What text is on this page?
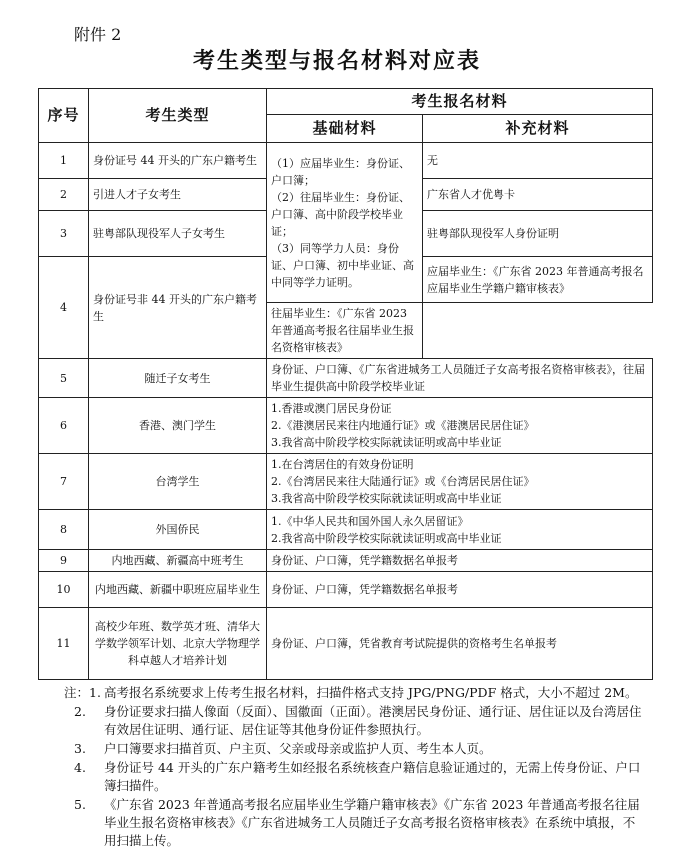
附件 2
考生类型与报名材料对应表
序号	考生类型	考生报名材料	
		基础材料	补充材料
1	身份证号 44 开头的广东户籍考生	（1）应届毕业生：身份证、户口簿；
（2）往届毕业生：身份证、户口簿、高中阶段学校毕业证；
（3）同等学力人员：身份证、户口簿、初中毕业证、高中同等学力证明。	无
2	引进人才子女考生		广东省人才优粤卡
3	驻粤部队现役军人子女考生		驻粤部队现役军人身份证明
4	身份证号非 44 开头的广东户籍考生		应届毕业生：《广东省 2023 年普通高考报名应届毕业生学籍户籍审核表》
		往届毕业生：《广东省 2023 年普通高考报名往届毕业生报名资格审核表》	
5	随迁子女考生	身份证、户口簿、《广东省进城务工人员随迁子女高考报名资格审核表》，往届毕业生提供高中阶段学校毕业证	
6	香港、澳门学生	1.香港或澳门居民身份证
2.《港澳居民来往内地通行证》或《港澳居民居住证》
3.我省高中阶段学校实际就读证明或高中毕业证	
7	台湾学生	1.在台湾居住的有效身份证明
2.《台湾居民来往大陆通行证》或《台湾居民居住证》
3.我省高中阶段学校实际就读证明或高中毕业证	
8	外国侨民	1.《中华人民共和国外国人永久居留证》
2.我省高中阶段学校实际就读证明或高中毕业证	
9	内地西藏、新疆高中班考生	身份证、户口簿，凭学籍数据名单报考	
10	内地西藏、新疆中职班应届毕业生	身份证、户口簿，凭学籍数据名单报考	
11	高校少年班、数学英才班、清华大学数学领军计划、北京大学物理学科卓越人才培养计划	身份证、户口簿，凭省教育考试院提供的资格考生名单报考	
注：1. 高考报名系统要求上传考生报名材料，扫描件格式支持 JPG/PNG/PDF 格式，大小不超过 2M。
2.	身份证要求扫描人像面（反面）、国徽面（正面）。港澳居民身份证、通行证、居住证以及台湾居住有效居住证明、通行证、居住证等其他身份证件参照执行。
3.	户口簿要求扫描首页、户主页、父亲或母亲或监护人页、考生本人页。
4.	身份证号 44 开头的广东户籍考生如经报名系统核查户籍信息验证通过的，无需上传身份证、户口簿扫描件。
5.	《广东省 2023 年普通高考报名应届毕业生学籍户籍审核表》《广东省 2023 年普通高考报名往届毕业生报名资格审核表》《广东省进城务工人员随迁子女高考报名资格审核表》在系统中填报，不用扫描上传。
